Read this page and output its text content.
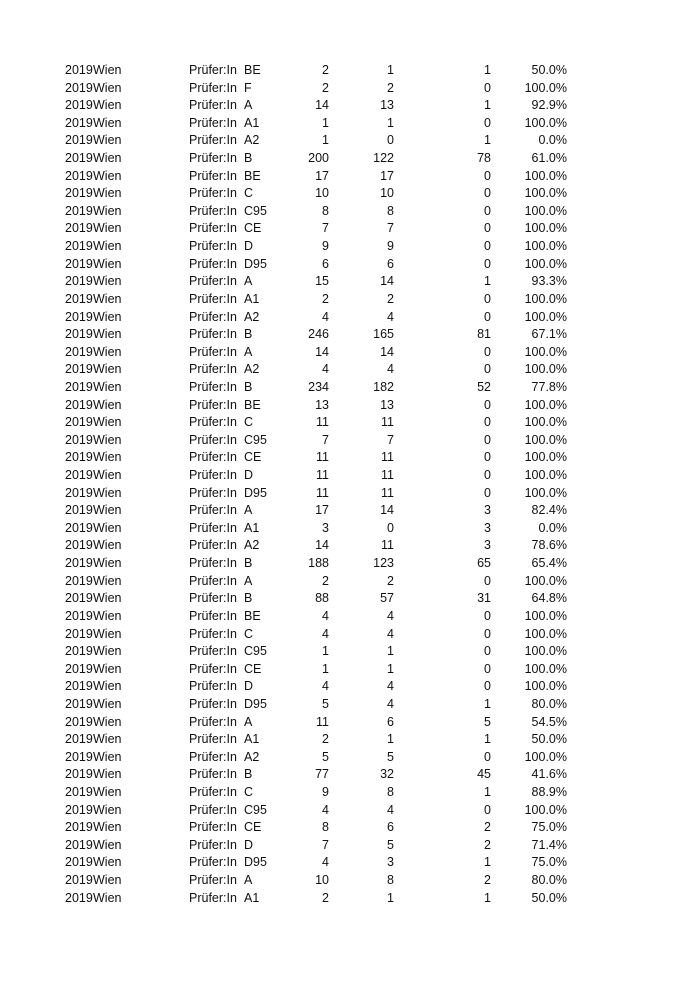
2019 Wien	Prüfer:In BE	2	1	1	50.0%
2019 Wien	Prüfer:In F	2	2	0	100.0%
2019 Wien	Prüfer:In A	14	13	1	92.9%
2019 Wien	Prüfer:In A1	1	1	0	100.0%
2019 Wien	Prüfer:In A2	1	0	1	0.0%
2019 Wien	Prüfer:In B	200	122	78	61.0%
2019 Wien	Prüfer:In BE	17	17	0	100.0%
2019 Wien	Prüfer:In C	10	10	0	100.0%
2019 Wien	Prüfer:In C95	8	8	0	100.0%
2019 Wien	Prüfer:In CE	7	7	0	100.0%
2019 Wien	Prüfer:In D	9	9	0	100.0%
2019 Wien	Prüfer:In D95	6	6	0	100.0%
2019 Wien	Prüfer:In A	15	14	1	93.3%
2019 Wien	Prüfer:In A1	2	2	0	100.0%
2019 Wien	Prüfer:In A2	4	4	0	100.0%
2019 Wien	Prüfer:In B	246	165	81	67.1%
2019 Wien	Prüfer:In A	14	14	0	100.0%
2019 Wien	Prüfer:In A2	4	4	0	100.0%
2019 Wien	Prüfer:In B	234	182	52	77.8%
2019 Wien	Prüfer:In BE	13	13	0	100.0%
2019 Wien	Prüfer:In C	11	11	0	100.0%
2019 Wien	Prüfer:In C95	7	7	0	100.0%
2019 Wien	Prüfer:In CE	11	11	0	100.0%
2019 Wien	Prüfer:In D	11	11	0	100.0%
2019 Wien	Prüfer:In D95	11	11	0	100.0%
2019 Wien	Prüfer:In A	17	14	3	82.4%
2019 Wien	Prüfer:In A1	3	0	3	0.0%
2019 Wien	Prüfer:In A2	14	11	3	78.6%
2019 Wien	Prüfer:In B	188	123	65	65.4%
2019 Wien	Prüfer:In A	2	2	0	100.0%
2019 Wien	Prüfer:In B	88	57	31	64.8%
2019 Wien	Prüfer:In BE	4	4	0	100.0%
2019 Wien	Prüfer:In C	4	4	0	100.0%
2019 Wien	Prüfer:In C95	1	1	0	100.0%
2019 Wien	Prüfer:In CE	1	1	0	100.0%
2019 Wien	Prüfer:In D	4	4	0	100.0%
2019 Wien	Prüfer:In D95	5	4	1	80.0%
2019 Wien	Prüfer:In A	11	6	5	54.5%
2019 Wien	Prüfer:In A1	2	1	1	50.0%
2019 Wien	Prüfer:In A2	5	5	0	100.0%
2019 Wien	Prüfer:In B	77	32	45	41.6%
2019 Wien	Prüfer:In C	9	8	1	88.9%
2019 Wien	Prüfer:In C95	4	4	0	100.0%
2019 Wien	Prüfer:In CE	8	6	2	75.0%
2019 Wien	Prüfer:In D	7	5	2	71.4%
2019 Wien	Prüfer:In D95	4	3	1	75.0%
2019 Wien	Prüfer:In A	10	8	2	80.0%
2019 Wien	Prüfer:In A1	2	1	1	50.0%
